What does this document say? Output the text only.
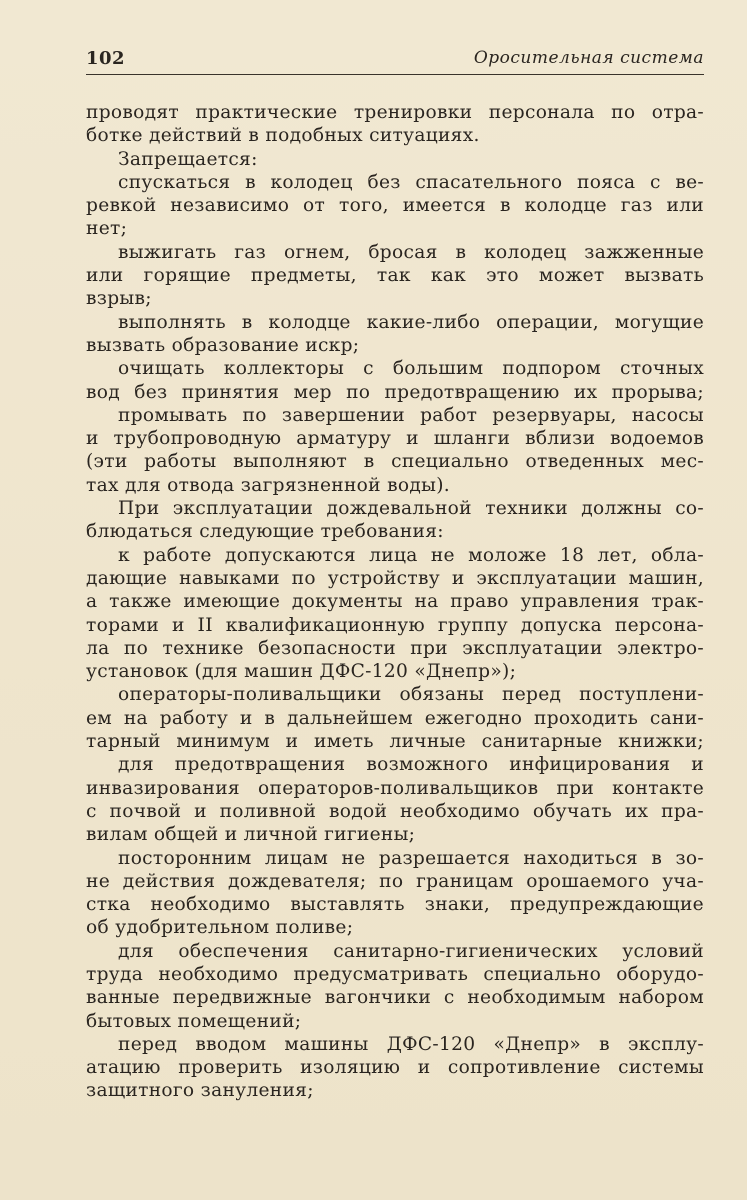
102	Оросительная система
проводят практические тренировки персонала по отра-
ботке действий в подобных ситуациях.
Запрещается:
спускаться в колодец без спасательного пояса с ве-
ревкой независимо от того, имеется в колодце газ или
нет;
выжигать газ огнем, бросая в колодец зажженные
или горящие предметы, так как это может вызвать
взрыв;
выполнять в колодце какие-либо операции, могущие
вызвать образование искр;
очищать коллекторы с большим подпором сточных
вод без принятия мер по предотвращению их прорыва;
промывать по завершении работ резервуары, насосы
и трубопроводную арматуру и шланги вблизи водоемов
(эти работы выполняют в специально отведенных мес-
тах для отвода загрязненной воды).
При эксплуатации дождевальной техники должны со-
блюдаться следующие требования:
к работе допускаются лица не моложе 18 лет, обла-
дающие навыками по устройству и эксплуатации машин,
а также имеющие документы на право управления трак-
торами и II квалификационную группу допуска персона-
ла по технике безопасности при эксплуатации электро-
установок (для машин ДФС-120 «Днепр»);
операторы-поливальщики обязаны перед поступлени-
ем на работу и в дальнейшем ежегодно проходить сани-
тарный минимум и иметь личные санитарные книжки;
для предотвращения возможного инфицирования и
инвазирования операторов-поливальщиков при контакте
с почвой и поливной водой необходимо обучать их пра-
вилам общей и личной гигиены;
посторонним лицам не разрешается находиться в зо-
не действия дождевателя; по границам орошаемого уча-
стка необходимо выставлять знаки, предупреждающие
об удобрительном поливе;
для обеспечения санитарно-гигиенических условий
труда необходимо предусматривать специально оборудо-
ванные передвижные вагончики с необходимым набором
бытовых помещений;
перед вводом машины ДФС-120 «Днепр» в эксплу-
атацию проверить изоляцию и сопротивление системы
защитного зануления;
